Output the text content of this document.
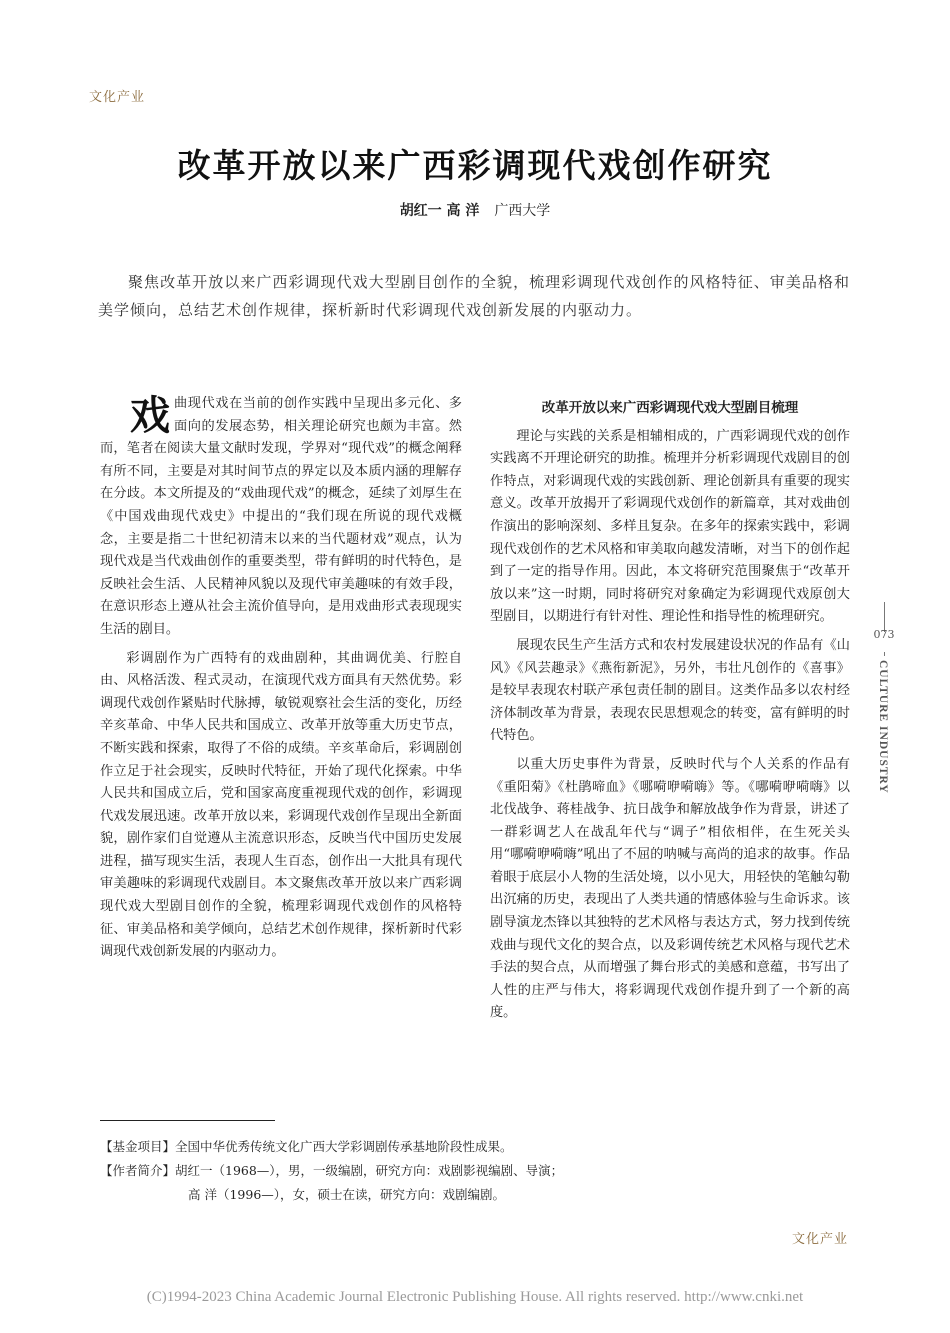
文化产业
改革开放以来广西彩调现代戏创作研究
胡红一 高 洋 广西大学
聚焦改革开放以来广西彩调现代戏大型剧目创作的全貌，梳理彩调现代戏创作的风格特征、审美品格和美学倾向，总结艺术创作规律，探析新时代彩调现代戏创新发展的内驱动力。

戏 曲现代戏在当前的创作实践中呈现出多元化、多面向的发展态势，相关理论研究也颇为丰富。然而，笔者在阅读大量文献时发现，学界对“现代戏”的概念阐释有所不同，主要是对其时间节点的界定以及本质内涵的理解存在分歧。本文所提及的“戏曲现代戏”的概念，延续了刘厚生在《中国戏曲现代戏史》中提出的“我们现在所说的现代戏概念，主要是指二十世纪初清末以来的当代题材戏”观点，认为现代戏是当代戏曲创作的重要类型，带有鲜明的时代特色，是反映社会生活、人民精神风貌以及现代审美趣味的有效手段，在意识形态上遵从社会主流价值导向，是用戏曲形式表现现实生活的剧目。

彩调剧作为广西特有的戏曲剧种，其曲调优美、行腔自由、风格活泼、程式灵动，在演现代戏方面具有天然优势。彩调现代戏创作紧贴时代脉搏，敏锐观察社会生活的变化，历经辛亥革命、中华人民共和国成立、改革开放等重大历史节点，不断实践和探索，取得了不俗的成绩。辛亥革命后，彩调剧创作立足于社会现实，反映时代特征，开始了现代化探索。中华人民共和国成立后，党和国家高度重视现代戏的创作，彩调现代戏发展迅速。改革开放以来，彩调现代戏创作呈现出全新面貌，剧作家们自觉遵从主流意识形态，反映当代中国历史发展进程，描写现实生活，表现人生百态，创作出一大批具有现代审美趣味的彩调现代戏剧目。本文聚焦改革开放以来广西彩调现代戏大型剧目创作的全貌，梳理彩调现代戏创作的风格特征、审美品格和美学倾向，总结艺术创作规律，探析新时代彩调现代戏创新发展的内驱动力。

改革开放以来广西彩调现代戏大型剧目梳理

理论与实践的关系是相辅相成的，广西彩调现代戏的创作实践离不开理论研究的助推。梳理并分析彩调现代戏剧目的创作特点，对彩调现代戏的实践创新、理论创新具有重要的现实意义。改革开放揭开了彩调现代戏创作的新篇章，其对戏曲创作演出的影响深刻、多样且复杂。在多年的探索实践中，彩调现代戏创作的艺术风格和审美取向越发清晰，对当下的创作起到了一定的指导作用。因此，本文将研究范围聚焦于“改革开放以来”这一时期，同时将研究对象确定为彩调现代戏原创大型剧目，以期进行有针对性、理论性和指导性的梳理研究。

展现农民生产生活方式和农村发展建设状况的作品有《山风》《风芸趣录》《燕衔新泥》，另外，韦壮凡创作的《喜事》是较早表现农村联产承包责任制的剧目。这类作品多以农村经济体制改革为背景，表现农民思想观念的转变，富有鲜明的时代特色。

以重大历史事件为背景，反映时代与个人关系的作品有《重阳菊》《杜鹃啼血》《哪嗬咿嗬嗨》等。《哪嗬咿嗬嗨》以北伐战争、蒋桂战争、抗日战争和解放战争作为背景，讲述了一群彩调艺人在战乱年代与“调子”相依相伴，在生死关头用“哪嗬咿嗬嗨”吼出了不屈的呐喊与高尚的追求的故事。作品着眼于底层小人物的生活处境，以小见大，用轻快的笔触勾勒出沉痛的历史，表现出了人类共通的情感体验与生命诉求。该剧导演龙杰锋以其独特的艺术风格与表达方式，努力找到传统戏曲与现代文化的契合点，以及彩调传统艺术风格与现代艺术手法的契合点，从而增强了舞台形式的美感和意蕴，书写出了人性的庄严与伟大，将彩调现代戏创作提升到了一个新的高度。

073
CULTURE INDUSTRY
【基金项目】全国中华优秀传统文化广西大学彩调剧传承基地阶段性成果。
【作者简介】胡红一（1968—），男，一级编剧，研究方向：戏剧影视编剧、导演；
高 洋（1996—），女，硕士在读，研究方向：戏剧编剧。
文化产业
(C)1994-2023 China Academic Journal Electronic Publishing House. All rights reserved. http://www.cnki.net
